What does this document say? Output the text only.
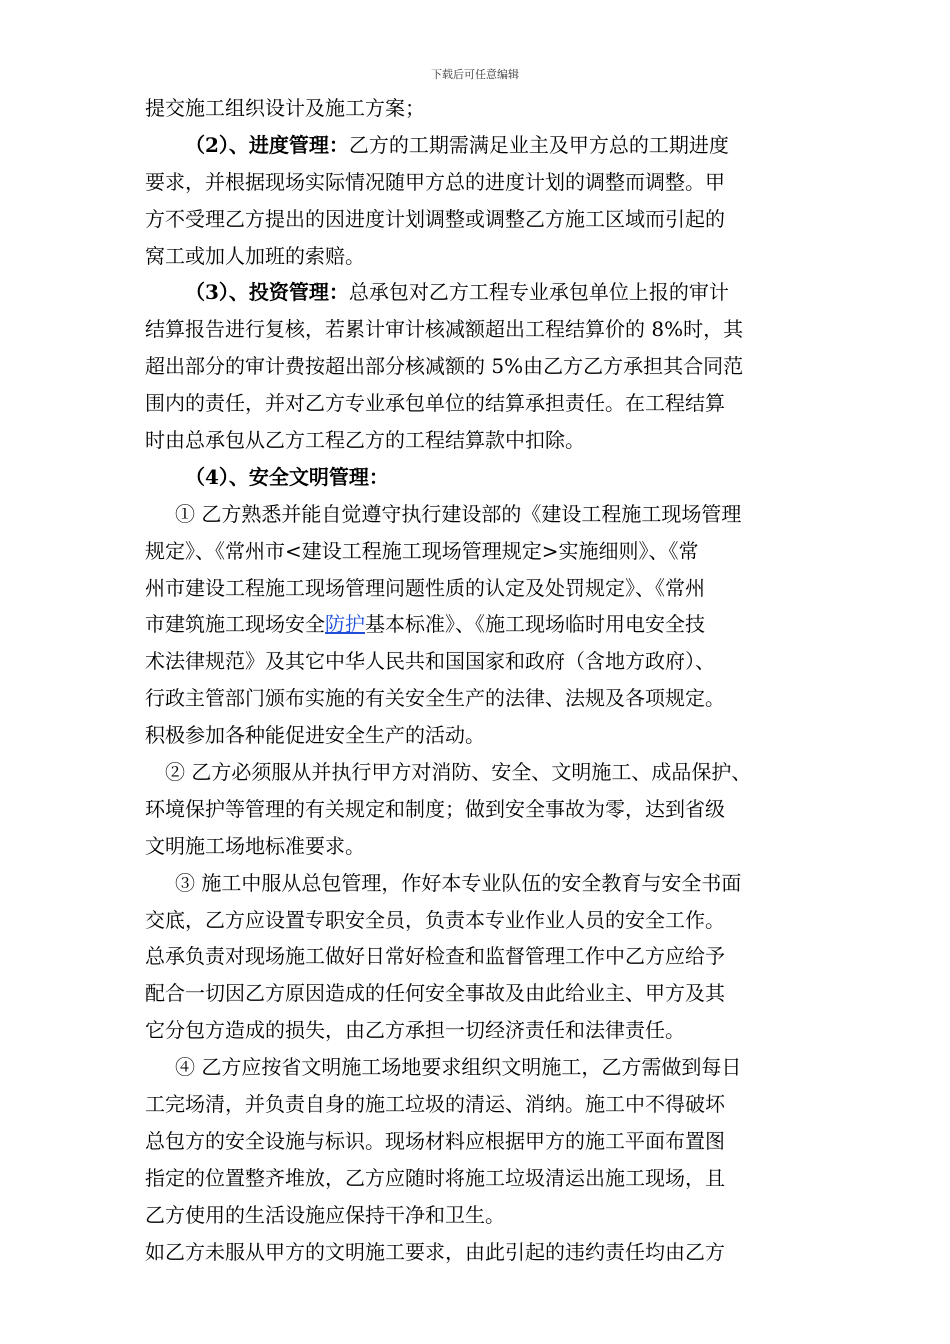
下载后可任意编辑
提交施工组织设计及施工方案；
（2）、进度管理：乙方的工期需满足业主及甲方总的工期进度
要求，并根据现场实际情况随甲方总的进度计划的调整而调整。甲
方不受理乙方提出的因进度计划调整或调整乙方施工区域而引起的
窝工或加人加班的索赔。
（3）、投资管理：总承包对乙方工程专业承包单位上报的审计
结算报告进行复核，若累计审计核减额超出工程结算价的 8%时，其
超出部分的审计费按超出部分核减额的 5%由乙方乙方承担其合同范
围内的责任，并对乙方专业承包单位的结算承担责任。在工程结算
时由总承包从乙方工程乙方的工程结算款中扣除。
（4）、安全文明管理：
① 乙方熟悉并能自觉遵守执行建设部的《建设工程施工现场管理
规定》、《常州市<建设工程施工现场管理规定>实施细则》、《常
州市建设工程施工现场管理问题性质的认定及处罚规定》、《常州
市建筑施工现场安全防护基本标准》、《施工现场临时用电安全技
术法律规范》及其它中华人民共和国国家和政府（含地方政府）、
行政主管部门颁布实施的有关安全生产的法律、法规及各项规定。
积极参加各种能促进安全生产的活动。
② 乙方必须服从并执行甲方对消防、安全、文明施工、成品保护、
环境保护等管理的有关规定和制度；做到安全事故为零，达到省级
文明施工场地标准要求。
③ 施工中服从总包管理，作好本专业队伍的安全教育与安全书面
交底，乙方应设置专职安全员，负责本专业作业人员的安全工作。
总承负责对现场施工做好日常好检查和监督管理工作中乙方应给予
配合一切因乙方原因造成的任何安全事故及由此给业主、甲方及其
它分包方造成的损失，由乙方承担一切经济责任和法律责任。
④ 乙方应按省文明施工场地要求组织文明施工，乙方需做到每日
工完场清，并负责自身的施工垃圾的清运、消纳。施工中不得破坏
总包方的安全设施与标识。现场材料应根据甲方的施工平面布置图
指定的位置整齐堆放，乙方应随时将施工垃圾清运出施工现场，且
乙方使用的生活设施应保持干净和卫生。
如乙方未服从甲方的文明施工要求，由此引起的违约责任均由乙方
